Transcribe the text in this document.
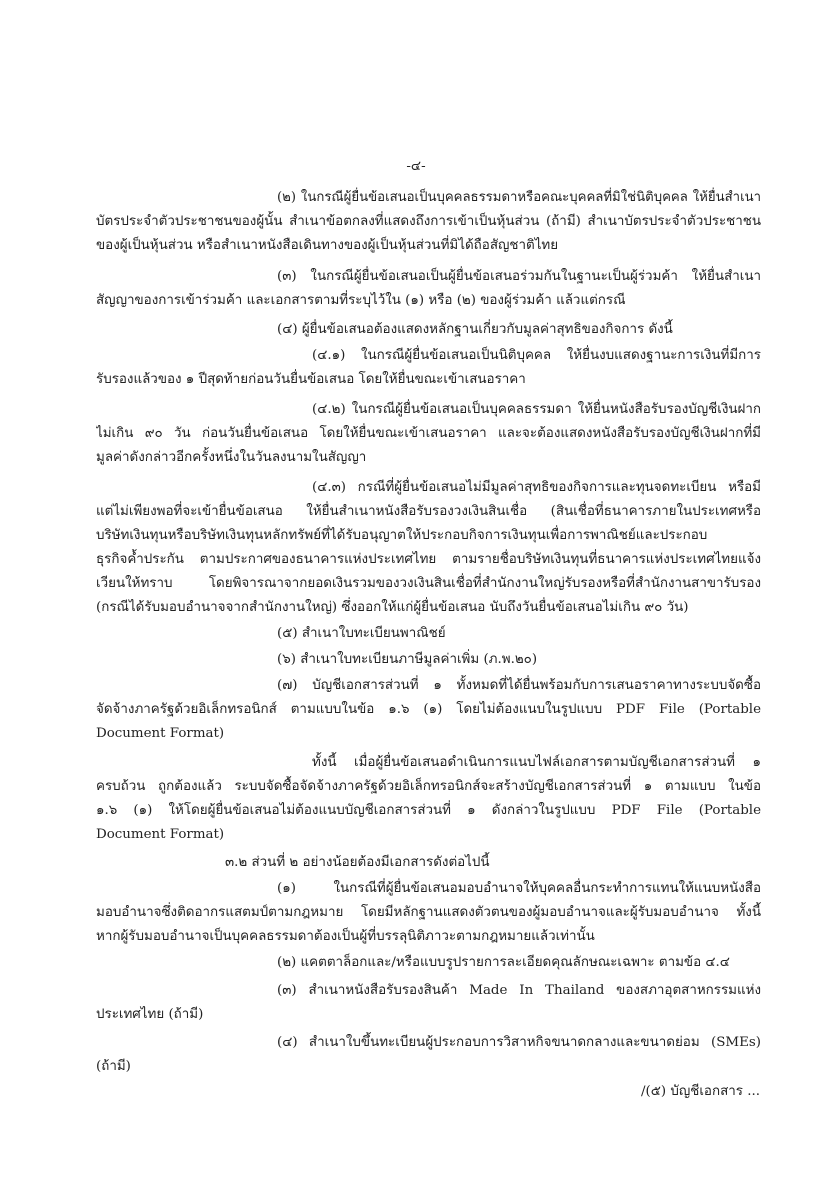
-๔-
(๒) ในกรณีผู้ยื่นข้อเสนอเป็นบุคคลธรรมดาหรือคณะบุคคลที่มิใช่นิติบุคคล ให้ยื่นสำเนา
บัตรประจำตัวประชาชนของผู้นั้น สำเนาข้อตกลงที่แสดงถึงการเข้าเป็นหุ้นส่วน (ถ้ามี) สำเนาบัตรประจำตัวประชาชน
ของผู้เป็นหุ้นส่วน หรือสำเนาหนังสือเดินทางของผู้เป็นหุ้นส่วนที่มิได้ถือสัญชาติไทย
(๓) ในกรณีผู้ยื่นข้อเสนอเป็นผู้ยื่นข้อเสนอร่วมกันในฐานะเป็นผู้ร่วมค้า ให้ยื่นสำเนา
สัญญาของการเข้าร่วมค้า และเอกสารตามที่ระบุไว้ใน (๑) หรือ (๒) ของผู้ร่วมค้า แล้วแต่กรณี
(๔) ผู้ยื่นข้อเสนอต้องแสดงหลักฐานเกี่ยวกับมูลค่าสุทธิของกิจการ ดังนี้
(๔.๑) ในกรณีผู้ยื่นข้อเสนอเป็นนิติบุคคล ให้ยื่นงบแสดงฐานะการเงินที่มีการ
รับรองแล้วของ ๑ ปีสุดท้ายก่อนวันยื่นข้อเสนอ โดยให้ยื่นขณะเข้าเสนอราคา
(๔.๒) ในกรณีผู้ยื่นข้อเสนอเป็นบุคคลธรรมดา ให้ยื่นหนังสือรับรองบัญชีเงินฝาก
ไม่เกิน ๙๐ วัน ก่อนวันยื่นข้อเสนอ โดยให้ยื่นขณะเข้าเสนอราคา และจะต้องแสดงหนังสือรับรองบัญชีเงินฝากที่มี
มูลค่าดังกล่าวอีกครั้งหนึ่งในวันลงนามในสัญญา
(๔.๓) กรณีที่ผู้ยื่นข้อเสนอไม่มีมูลค่าสุทธิของกิจการและทุนจดทะเบียน หรือมี
แต่ไม่เพียงพอที่จะเข้ายื่นข้อเสนอ ให้ยื่นสำเนาหนังสือรับรองวงเงินสินเชื่อ (สินเชื่อที่ธนาคารภายในประเทศหรือ
บริษัทเงินทุนหรือบริษัทเงินทุนหลักทรัพย์ที่ได้รับอนุญาตให้ประกอบกิจการเงินทุนเพื่อการพาณิชย์และประกอบ
ธุรกิจค้ำประกัน ตามประกาศของธนาคารแห่งประเทศไทย ตามรายชื่อบริษัทเงินทุนที่ธนาคารแห่งประเทศไทยแจ้ง
เวียนให้ทราบ โดยพิจารณาจากยอดเงินรวมของวงเงินสินเชื่อที่สำนักงานใหญ่รับรองหรือที่สำนักงานสาขารับรอง
(กรณีได้รับมอบอำนาจจากสำนักงานใหญ่) ซึ่งออกให้แก่ผู้ยื่นข้อเสนอ นับถึงวันยื่นข้อเสนอไม่เกิน ๙๐ วัน)
(๕) สำเนาใบทะเบียนพาณิชย์
(๖) สำเนาใบทะเบียนภาษีมูลค่าเพิ่ม (ภ.พ.๒๐)
(๗) บัญชีเอกสารส่วนที่ ๑ ทั้งหมดที่ได้ยื่นพร้อมกับการเสนอราคาทางระบบจัดซื้อ
จัดจ้างภาครัฐด้วยอิเล็กทรอนิกส์ ตามแบบในข้อ ๑.๖ (๑) โดยไม่ต้องแนบในรูปแบบ PDF File (Portable
Document Format)
ทั้งนี้ เมื่อผู้ยื่นข้อเสนอดำเนินการแนบไฟล์เอกสารตามบัญชีเอกสารส่วนที่ ๑
ครบถ้วน ถูกต้องแล้ว ระบบจัดซื้อจัดจ้างภาครัฐด้วยอิเล็กทรอนิกส์จะสร้างบัญชีเอกสารส่วนที่ ๑ ตามแบบ ในข้อ
๑.๖ (๑) ให้โดยผู้ยื่นข้อเสนอไม่ต้องแนบบัญชีเอกสารส่วนที่ ๑ ดังกล่าวในรูปแบบ PDF File (Portable
Document Format)
๓.๒ ส่วนที่ ๒ อย่างน้อยต้องมีเอกสารดังต่อไปนี้
(๑) ในกรณีที่ผู้ยื่นข้อเสนอมอบอำนาจให้บุคคลอื่นกระทำการแทนให้แนบหนังสือ
มอบอำนาจซึ่งติดอากรแสตมป์ตามกฎหมาย โดยมีหลักฐานแสดงตัวตนของผู้มอบอำนาจและผู้รับมอบอำนาจ ทั้งนี้
หากผู้รับมอบอำนาจเป็นบุคคลธรรมดาต้องเป็นผู้ที่บรรลุนิติภาวะตามกฎหมายแล้วเท่านั้น
(๒) แคตตาล็อกและ/หรือแบบรูปรายการละเอียดคุณลักษณะเฉพาะ ตามข้อ ๔.๔
(๓) สำเนาหนังสือรับรองสินค้า Made In Thailand ของสภาอุตสาหกรรมแห่ง
ประเทศไทย (ถ้ามี)
(๔) สำเนาใบขึ้นทะเบียนผู้ประกอบการวิสาหกิจขนาดกลางและขนาดย่อม (SMEs)
(ถ้ามี)
/(๕) บัญชีเอกสาร ...
